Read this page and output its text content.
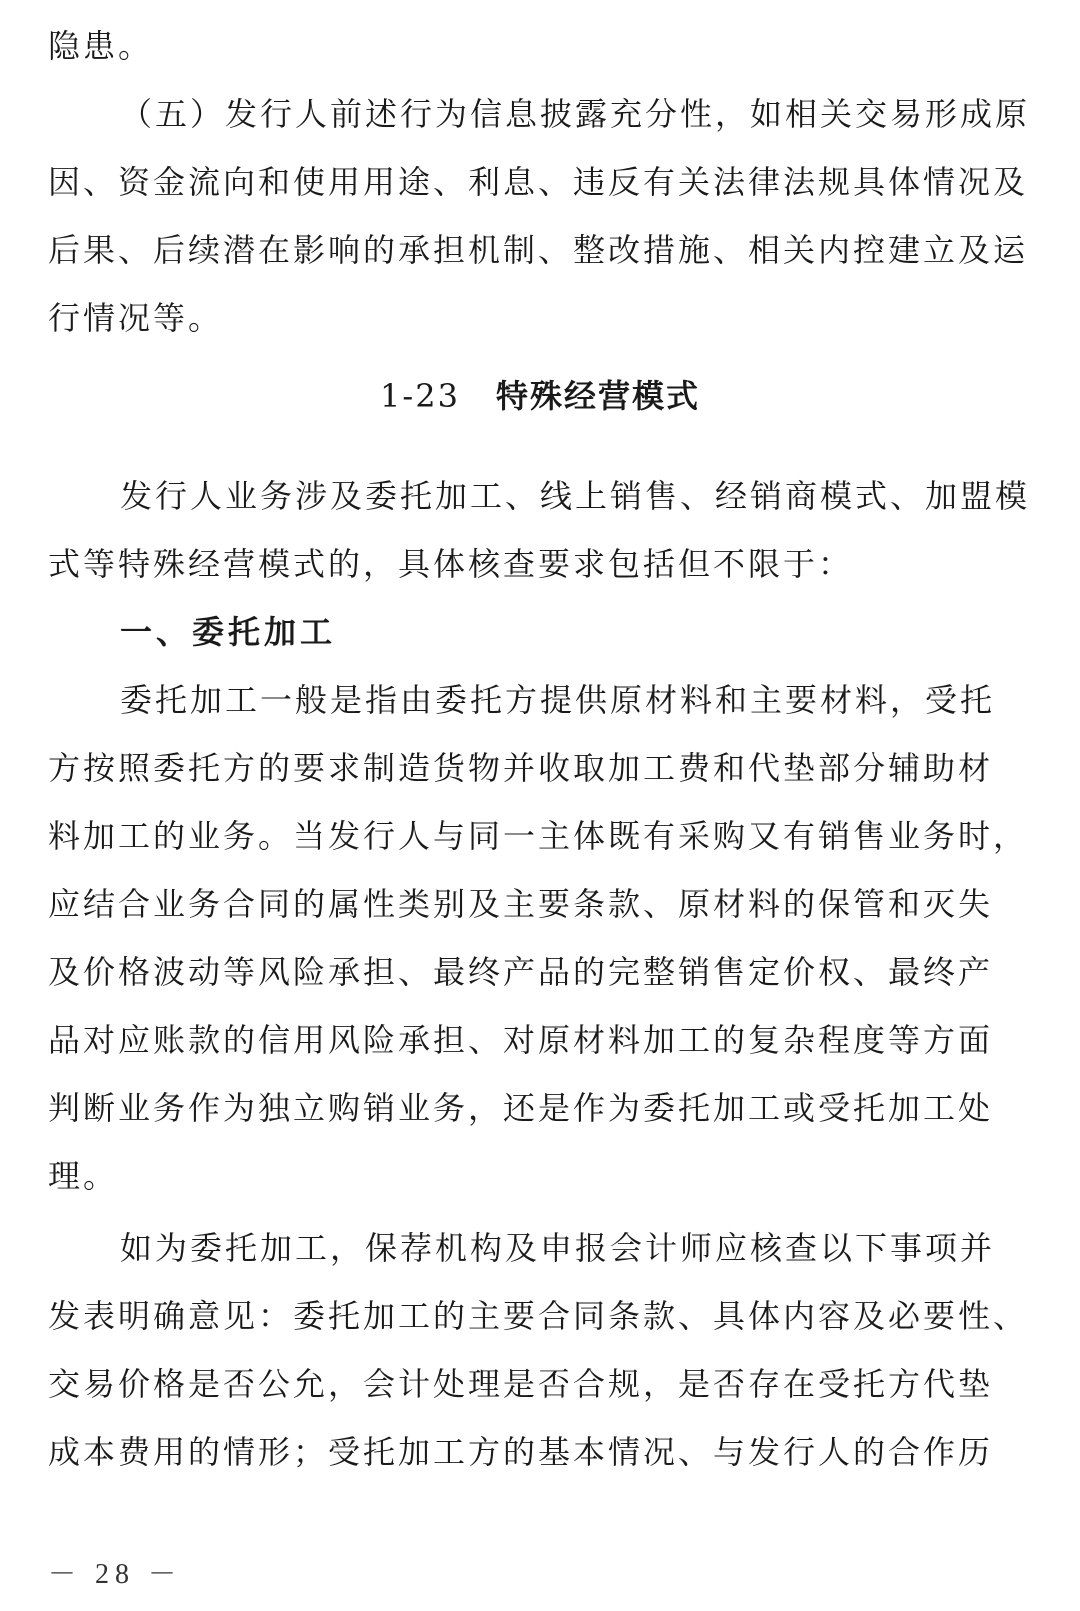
隐患。
（五）发行人前述行为信息披露充分性，如相关交易形成原
因、资金流向和使用用途、利息、违反有关法律法规具体情况及
后果、后续潜在影响的承担机制、整改措施、相关内控建立及运
行情况等。
1-23 特殊经营模式
发行人业务涉及委托加工、线上销售、经销商模式、加盟模
式等特殊经营模式的，具体核查要求包括但不限于：
一、委托加工
委托加工一般是指由委托方提供原材料和主要材料，受托
方按照委托方的要求制造货物并收取加工费和代垫部分辅助材
料加工的业务。当发行人与同一主体既有采购又有销售业务时，
应结合业务合同的属性类别及主要条款、原材料的保管和灭失
及价格波动等风险承担、最终产品的完整销售定价权、最终产
品对应账款的信用风险承担、对原材料加工的复杂程度等方面
判断业务作为独立购销业务，还是作为委托加工或受托加工处
理。
如为委托加工，保荐机构及申报会计师应核查以下事项并
发表明确意见：委托加工的主要合同条款、具体内容及必要性、
交易价格是否公允，会计处理是否合规，是否存在受托方代垫
成本费用的情形；受托加工方的基本情况、与发行人的合作历
－ 28 －
